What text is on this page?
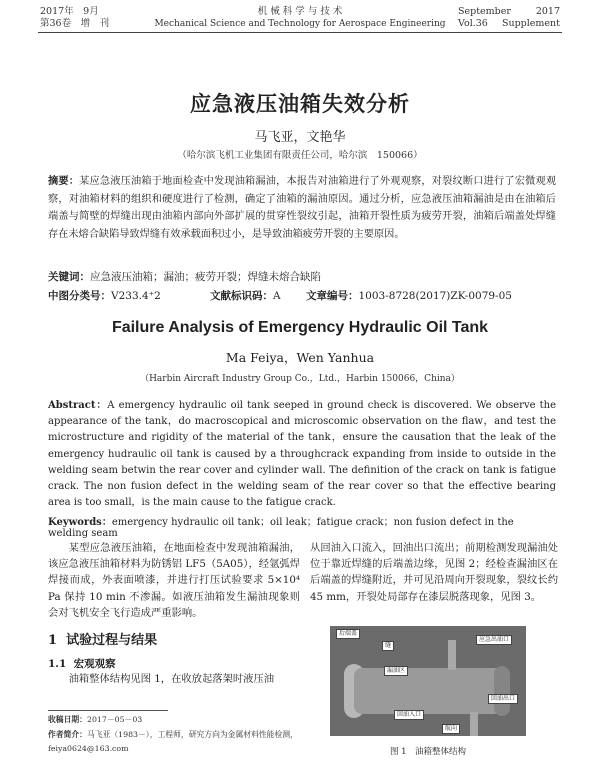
2017年　9月
第36卷　增　刊
机 械 科 学 与 技 术
Mechanical Science and Technology for Aerospace Engineering
September	2017
Vol.36 Supplement
应急液压油箱失效分析
马飞亚，文艳华
（哈尔滨飞机工业集团有限责任公司，哈尔滨　150066）
摘要：某应急液压油箱于地面检查中发现油箱漏油，本报告对油箱进行了外观观察，对裂纹断口进行了宏微观观察，对油箱材料的组织和硬度进行了检测，确定了油箱的漏油原因。通过分析，应急液压油箱漏油是由在油箱后端盖与简壁的焊缝出现由油箱内部向外部扩展的贯穿性裂纹引起，油箱开裂性质为疲劳开裂，油箱后端盖处焊缝存在未熔合缺陷导致焊缝有效承载面积过小，是导致油箱疲劳开裂的主要原因。
关键词：应急液压油箱；漏油；疲劳开裂；焊缝未熔合缺陷
中图分类号：V233.4⁺2	文献标识码：A 文章编号：1003-8728(2017)ZK-0079-05
Failure Analysis of Emergency Hydraulic Oil Tank
Ma Feiya，Wen Yanhua
（Harbin Aircraft Industry Group Co.，Ltd.，Harbin 150066，China）
Abstract：A emergency hydraulic oil tank seeped in ground check is discovered. We observe the appearance of the tank，do macroscopical and microscomic observation on the flaw，and test the microstructure and rigidity of the material of the tank，ensure the causation that the leak of the emergency hudraulic oil tank is caused by a throughcrack expanding from inside to outside in the welding seam betwin the rear cover and cylinder wall. The definition of the crack on tank is fatigue crack. The non fusion defect in the welding seam of the rear cover so that the effective bearing area is too small，is the main cause to the fatigue crack.
Keywords：emergency hydraulic oil tank；oil leak；fatigue crack；non fusion defect in the welding seam
某型应急液压油箱，在地面检查中发现油箱漏油，该应急液压油箱材料为防锈铝 LF5（5A05），经氩弧焊焊接而成，外表面喷漆，并进行打压试验要求 5×10⁴ Pa 保持 10 min 不渗漏。如液压油箱发生漏油现象则会对飞机安全飞行造成严重影响。
从回油入口流入，回油出口流出；前期检测发现漏油处位于靠近焊缝的后端盖边缘，见图 2；经检查漏油区在后端盖的焊缝附近，并可见沿周向开裂现象，裂纹长约 45 mm，开裂处局部存在漆层脱落现象，见图 3。
1 试验过程与结果
1.1 宏观观察
油箱整体结构见图 1，在收放起落架时液压油
收稿日期：2017－05－03
作者简介：马飞亚（1983－），工程师，研究方向为金属材料性能检测，
feiya0624@163.com
后端盖
缝
漏油区
应急出油口
回油出口
回油入口
航向
图 1　油箱整体结构
